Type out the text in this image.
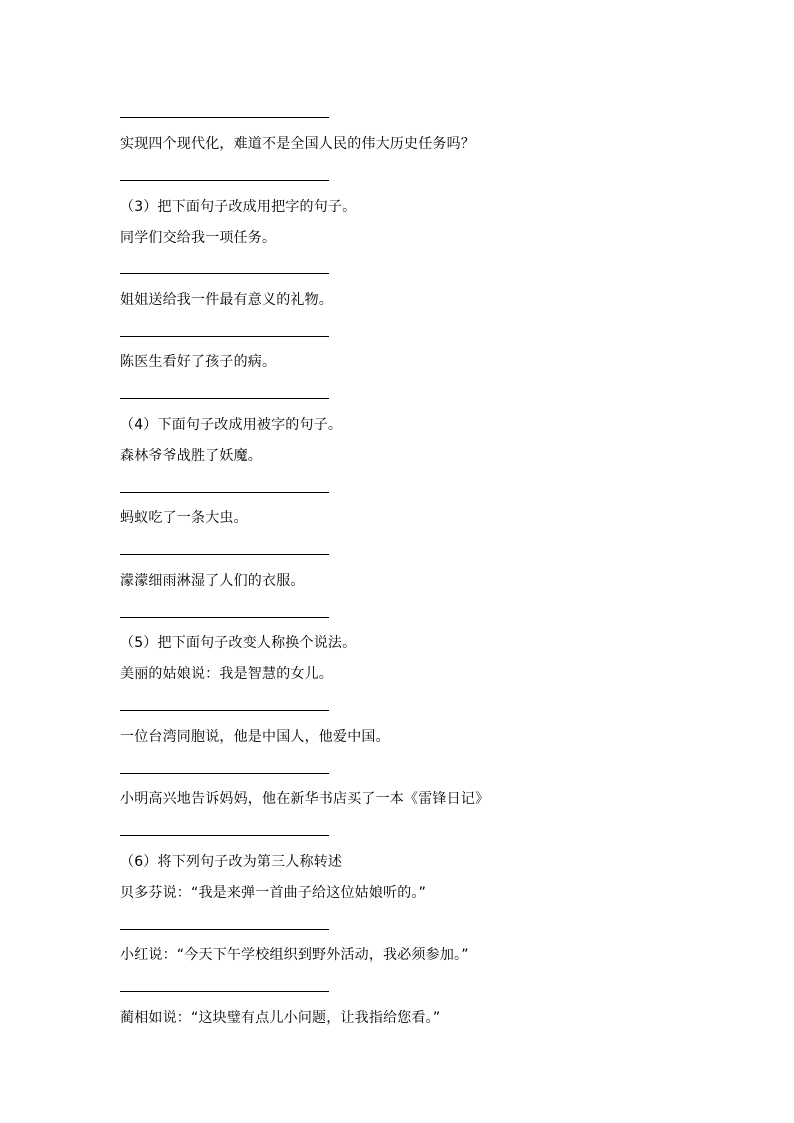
实现四个现代化，难道不是全国人民的伟大历史任务吗？
（3）把下面句子改成用把字的句子。
同学们交给我一项任务。
姐姐送给我一件最有意义的礼物。
陈医生看好了孩子的病。
（4）下面句子改成用被字的句子。
森林爷爷战胜了妖魔。
蚂蚁吃了一条大虫。
濛濛细雨淋湿了人们的衣服。
（5）把下面句子改变人称换个说法。
美丽的姑娘说：我是智慧的女儿。
一位台湾同胞说，他是中国人，他爱中国。
小明高兴地告诉妈妈，他在新华书店买了一本《雷锋日记》
（6）将下列句子改为第三人称转述
贝多芬说：“我是来弹一首曲子给这位姑娘听的。”
小红说：“今天下午学校组织到野外活动，我必须参加。”
蔺相如说：“这块璧有点儿小问题，让我指给您看。”
